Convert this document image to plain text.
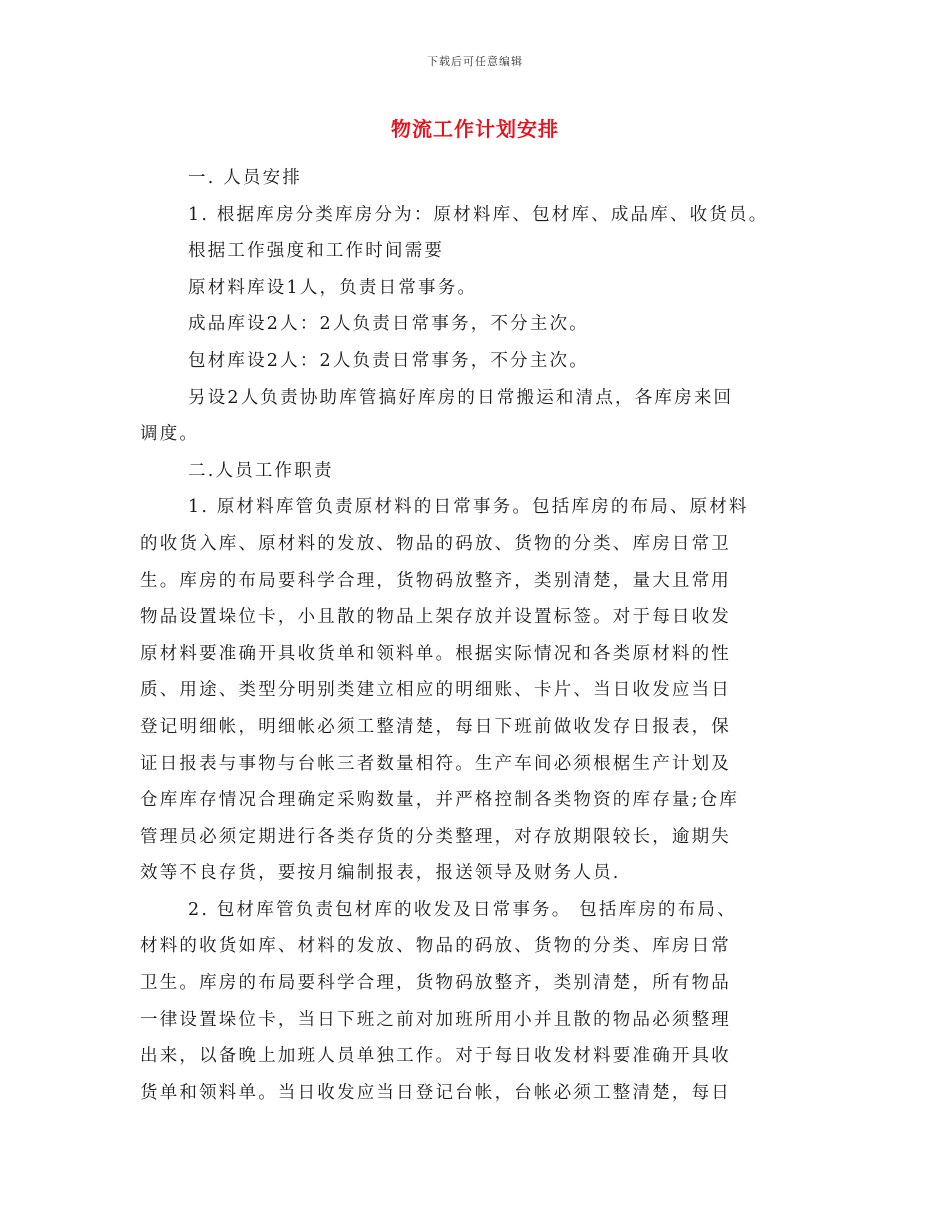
下载后可任意编辑
物流工作计划安排
一. 人员安排
1. 根据库房分类库房分为：原材料库、包材库、成品库、收货员。
根据工作强度和工作时间需要
原材料库设1人，负责日常事务。
成品库设2人：2人负责日常事务，不分主次。
包材库设2人：2人负责日常事务，不分主次。
另设2人负责协助库管搞好库房的日常搬运和清点，各库房来回
调度。
二.人员工作职责
1. 原材料库管负责原材料的日常事务。包括库房的布局、原材料
的收货入库、原材料的发放、物品的码放、货物的分类、库房日常卫
生。库房的布局要科学合理，货物码放整齐，类别清楚，量大且常用
物品设置垛位卡，小且散的物品上架存放并设置标签。对于每日收发
原材料要准确开具收货单和领料单。根据实际情况和各类原材料的性
质、用途、类型分明别类建立相应的明细账、卡片、当日收发应当日
登记明细帐，明细帐必须工整清楚，每日下班前做收发存日报表，保
证日报表与事物与台帐三者数量相符。生产车间必须根椐生产计划及
仓库库存情况合理确定采购数量，并严格控制各类物资的库存量;仓库
管理员必须定期进行各类存货的分类整理，对存放期限较长，逾期失
效等不良存货，要按月编制报表，报送领导及财务人员.
2. 包材库管负责包材库的收发及日常事务。 包括库房的布局、
材料的收货如库、材料的发放、物品的码放、货物的分类、库房日常
卫生。库房的布局要科学合理，货物码放整齐，类别清楚，所有物品
一律设置垛位卡，当日下班之前对加班所用小并且散的物品必须整理
出来，以备晚上加班人员单独工作。对于每日收发材料要准确开具收
货单和领料单。当日收发应当日登记台帐，台帐必须工整清楚，每日
